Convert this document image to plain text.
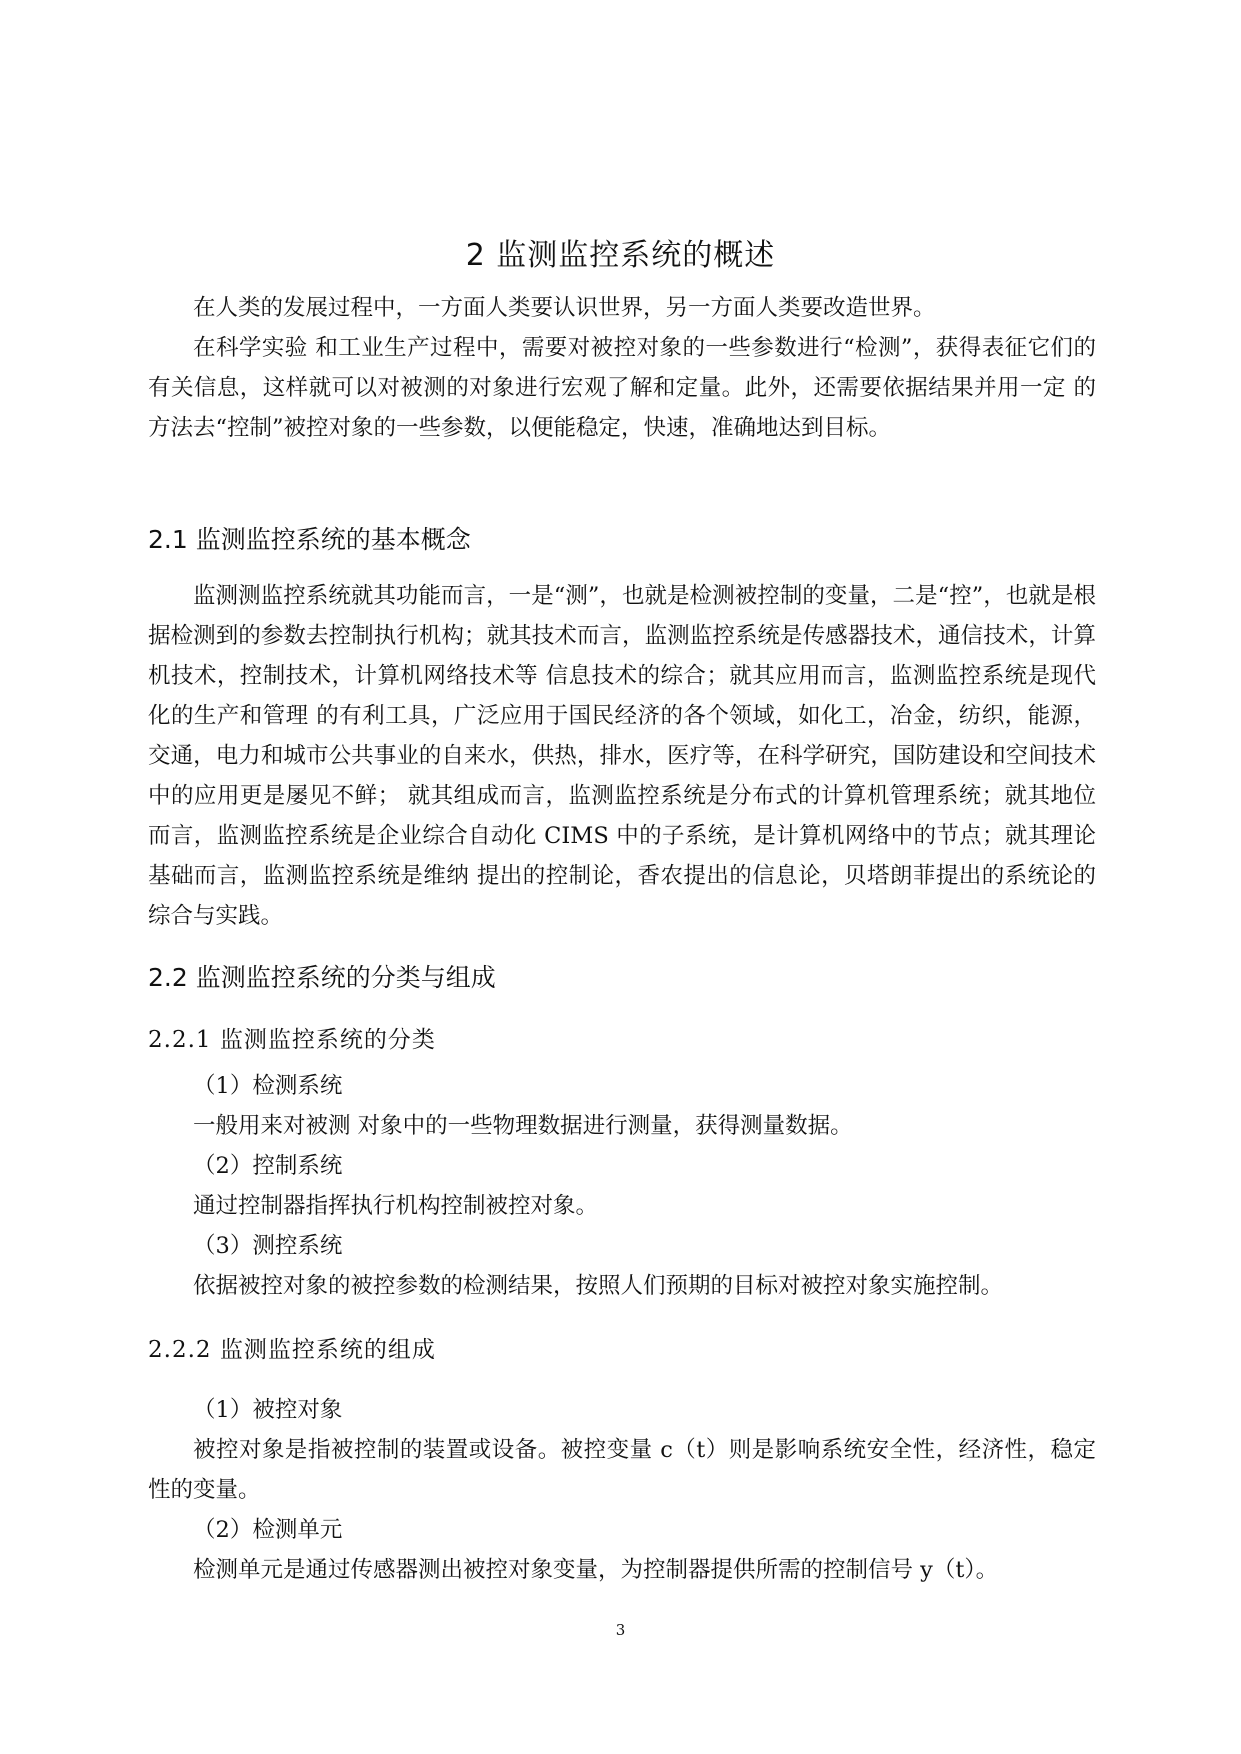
2 监测监控系统的概述

在人类的发展过程中，一方面人类要认识世界，另一方面人类要改造世界。

在科学实验 和工业生产过程中，需要对被控对象的一些参数进行“检测”，获得表征它们的有关信息，这样就可以对被测的对象进行宏观了解和定量。此外，还需要依据结果并用一定 的方法去“控制”被控对象的一些参数，以便能稳定，快速，准确地达到目标。

2.1 监测监控系统的基本概念

监测测监控系统就其功能而言，一是“测”，也就是检测被控制的变量，二是“控”，也就是根据检测到的参数去控制执行机构；就其技术而言，监测监控系统是传感器技术，通信技术，计算机技术，控制技术，计算机网络技术等 信息技术的综合；就其应用而言，监测监控系统是现代化的生产和管理 的有利工具，广泛应用于国民经济的各个领域，如化工，冶金，纺织，能源，交通，电力和城市公共事业的自来水，供热，排水，医疗等，在科学研究，国防建设和空间技术中的应用更是屡见不鲜； 就其组成而言，监测监控系统是分布式的计算机管理系统；就其地位而言，监测监控系统是企业综合自动化 CIMS 中的子系统，是计算机网络中的节点；就其理论基础而言，监测监控系统是维纳 提出的控制论，香农提出的信息论，贝塔朗菲提出的系统论的综合与实践。

2.2 监测监控系统的分类与组成
2.2.1 监测监控系统的分类

（1）检测系统

一般用来对被测 对象中的一些物理数据进行测量，获得测量数据。

（2）控制系统

通过控制器指挥执行机构控制被控对象。

（3）测控系统

依据被控对象的被控参数的检测结果，按照人们预期的目标对被控对象实施控制。

2.2.2 监测监控系统的组成

（1）被控对象

被控对象是指被控制的装置或设备。被控变量 c（t）则是影响系统安全性，经济性，稳定性的变量。

（2）检测单元

检测单元是通过传感器测出被控对象变量，为控制器提供所需的控制信号 y（t）。

3
